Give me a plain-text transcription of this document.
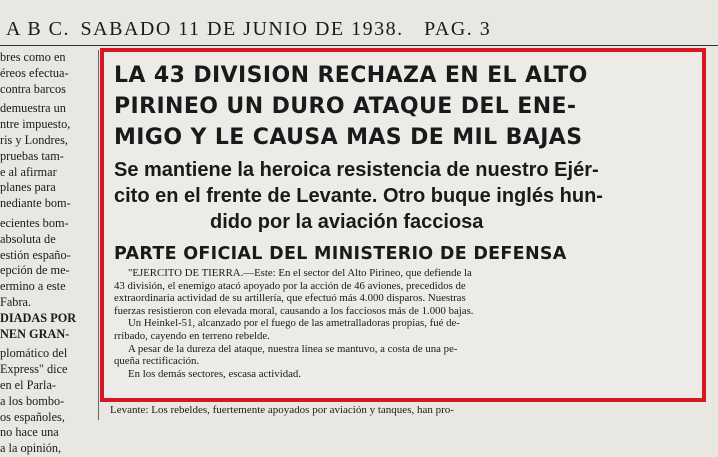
A B C. SABADO 11 DE JUNIO DE 1938. PAG. 3
bres como en
éreos efectua-
contra barcos
demuestra un
ntre impuesto,
ris y Londres,
pruebas tam-
e al afirmar
planes para
nediante bom-
ecientes bom-
absoluta de
estión españo-
epción de me-
ermino a este
Fabra.
DIADAS POR
NEN GRAN-
plomático del
Express" dice
en el Parla-
a los bombo-
os españoles,
no hace una
a la opinión,
LA 43 DIVISION RECHAZA EN EL ALTO
PIRINEO UN DURO ATAQUE DEL ENE-
MIGO Y LE CAUSA MAS DE MIL BAJAS
Se mantiene la heroica resistencia de nuestro Ejér-
cito en el frente de Levante. Otro buque inglés hun-
dido por la aviación facciosa
PARTE OFICIAL DEL MINISTERIO DE DEFENSA
"EJERCITO DE TIERRA.—Este: En el sector del Alto Pirineo, que defiende la
43 división, el enemigo atacó apoyado por la acción de 46 aviones, precedidos de
extraordinaria actividad de su artillería, que efectuó más 4.000 disparos. Nuestras
fuerzas resistieron con elevada moral, causando a los facciosos más de 1.000 bajas.
Un Heinkel-51, alcanzado por el fuego de las ametralladoras propias, fué de-
rribado, cayendo en terreno rebelde.
A pesar de la dureza del ataque, nuestra línea se mantuvo, a costa de una pe-
queña rectificación.
En los demás sectores, escasa actividad.
Levante: Los rebeldes, fuertemente apoyados por aviación y tanques, han pro-
